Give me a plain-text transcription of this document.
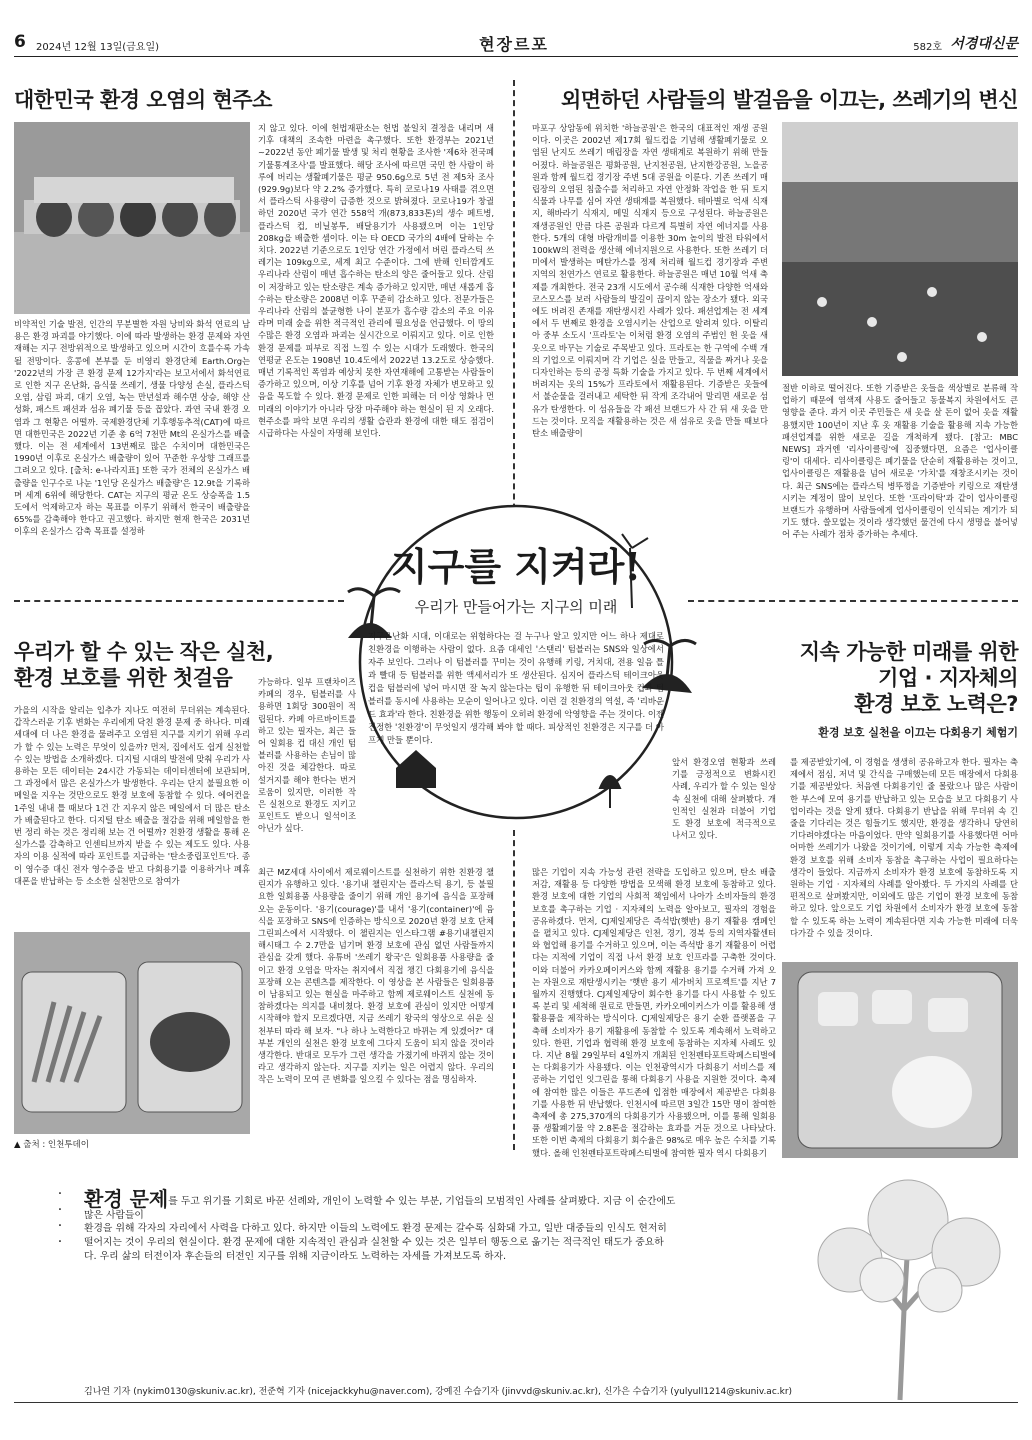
6 2024년 12월 13일(금요일)	현장르포	582호 서경대신문
대한민국 환경 오염의 현주소
비약적인 기술 발전, 인간의 무분별한 자원 낭비와 화석 연료의 남용은 환경 파괴를 야기했다. 이에 따라 발생하는 환경 문제와 자연재해는 지구 전방위적으로 발생하고 있으며 시간이 흐를수록 가속될 전망이다. 홍콩에 본부를 둔 비영리 환경단체 Earth.Org는 '2022년의 가장 큰 환경 문제 12가지'라는 보고서에서 화석연료로 인한 지구 온난화, 음식물 쓰레기, 생물 다양성 손실, 플라스틱 오염, 삼림 파괴, 대기 오염, 녹는 만년설과 해수면 상승, 해양 산성화, 패스트 패션과 섬유 폐기물 등을 꼽았다. 과연 국내 환경 오염과 그 현황은 어떨까. 국제환경단체 기후행동추적(CAT)에 따르면 대한민국은 2022년 기준 총 6억 7천만 Mt의 온실가스를 배출했다. 이는 전 세계에서 13번째로 많은 수치이며 대한민국은 1990년 이후로 온실가스 배출량이 있어 꾸준한 우상향 그래프를 그려오고 있다. [출처: e-나라지표] 또한 국가 전체의 온실가스 배출량을 인구수로 나눈 '1인당 온실가스 배출량'은 12.9t을 기록하며 세계 6위에 해당한다. CAT는 지구의 평균 온도 상승폭을 1.5도에서 억제하고자 하는 목표를 이루기 위해서 한국이 배출량을 65%를 감축해야 한다고 권고했다. 하지만 현재 한국은 2031년 이후의 온실가스 감축 목표를 설정하
지 않고 있다. 이에 헌법재판소는 헌법 불일치 결정을 내리며 새 기후 대책의 조속한 마련을 촉구했다. 또한 환경부는 2021년~2022년 동안 폐기물 발생 및 처리 현황을 조사한 '제6차 전국폐기물통계조사'를 발표했다. 해당 조사에 따르면 국민 한 사람이 하루에 버리는 생활폐기물은 평균 950.6g으로 5년 전 제5차 조사(929.9g)보다 약 2.2% 증가했다. 특히 코로나19 사태를 겪으면서 플라스틱 사용량이 급증한 것으로 밝혀졌다. 코로나19가 창궐하던 2020년 국가 연간 558억 개(873,833톤)의 생수 페트병, 플라스틱 컵, 비닐봉투, 배달용기가 사용됐으며 이는 1인당 208kg을 배출한 셈이다. 이는 타 OECD 국가의 4배에 달하는 수치다. 2022년 기준으로도 1인당 연간 가정에서 버린 플라스틱 쓰레기는 109kg으로, 세계 최고 수준이다. 그에 반해 인터깜게도 우리나라 산림이 매년 흡수하는 탄소의 양은 줄어들고 있다. 산림이 저장하고 있는 탄소량은 계속 증가하고 있지만, 매년 새롭게 흡수하는 탄소량은 2008년 이후 꾸준히 감소하고 있다. 전문가들은 우리나라 산림의 불균형한 나이 분포가 흡수량 감소의 주요 이유라며 미래 숲을 위한 적극적인 관리에 필요성을 언급했다. 이 땅의 수많은 환경 오염과 파괴는 실시간으로 이뤄지고 있다. 이로 인한 환경 문제를 피부로 직접 느낄 수 있는 시대가 도래했다. 한국의 연평균 온도는 1908년 10.4도에서 2022년 13.2도로 상승했다. 매년 기록적인 폭염과 예상치 못한 자연재해에 고통받는 사람들이 증가하고 있으며, 이상 기후를 넘어 기후 환경 자체가 변모하고 있음을 목도할 수 있다. 환경 문제로 인한 피해는 더 이상 영화나 먼 미래의 이야기가 아니라 당장 마주해야 하는 현실이 된 지 오래다. 현주소를 파악 보면 우리의 생활 습관과 환경에 대한 태도 점검이 시급하다는 사실이 자명해 보인다.
외면하던 사람들의 발걸음을 이끄는, 쓰레기의 변신
마포구 상암동에 위치한 '하늘공원'은 한국의 대표적인 재생 공원이다. 이곳은 2002년 제17회 월드컵을 기념해 생활폐기물로 오염된 난지도 쓰레기 매립장을 자연 생태계로 복원하기 위해 만들어졌다. 하늘공원은 평화공원, 난지천공원, 난지한강공원, 노을공원과 함께 월드컵 경기장 주변 5대 공원을 이룬다. 기존 쓰레기 매립장의 오염된 침출수를 처리하고 자연 안정화 작업을 한 뒤 토지 식물과 나무를 심어 자연 생태계를 복원했다. 테마별로 억새 식재지, 해바라기 식재지, 메밀 식재지 등으로 구성된다. 하늘공원은 재생공원인 만큼 다른 공원과 다르게 특별히 자연 에너지를 사용한다. 5개의 대형 바람개비를 이용한 30m 높이의 발전 타워에서 100kW의 전력을 생산해 에너지원으로 사용한다. 또한 쓰레기 더미에서 발생하는 메탄가스를 정제 처리해 월드컵 경기장과 주변 지역의 천연가스 연료로 활용한다. 하늘공원은 매년 10월 억새 축제를 개최한다. 전국 23개 시도에서 공수해 식재한 다양한 억새와 코스모스를 보러 사람들의 발길이 끊이지 않는 장소가 됐다. 외국에도 버려진 존재를 재탄생시킨 사례가 있다. 패션업계는 전 세계에서 두 번째로 환경을 오염시키는 산업으로 알려져 있다. 이탈리아 중부 소도시 '프라토'는 이처럼 환경 오염의 주범인 헌 옷을 새 옷으로 바꾸는 기술로 주목받고 있다. 프라토는 한 구역에 수백 개의 기업으로 이뤄지며 각 기업은 실을 만들고, 직물을 짜거나 옷을 디자인하는 등의 공정 특화 기술을 가지고 있다. 두 번째 세계에서 버려지는 옷의 15%가 프라토에서 재활용된다. 기증받은 옷들에서 불순물을 걸러내고 세탁한 뒤 작게 조각내어 말리면 새로운 섬유가 탄생한다. 이 섬유들을 각 패션 브랜드가 사 간 뒤 새 옷을 만드는 것이다. 모직을 재활용하는 것은 새 섬유로 옷을 만들 때보다 탄소 배출량이
절반 이하로 떨어진다. 또한 기증받은 옷들을 색상별로 분류해 작업하기 때문에 염색제 사용도 줄어들고 동물복지 차원에서도 큰 영향을 준다. 과거 이곳 주민들은 새 옷을 살 돈이 없어 옷을 재활용했지만 100년이 지난 후 옷 재활용 기술을 활용해 지속 가능한 패션업계를 위한 새로운 길을 개척하게 됐다. [참고: MBC NEWS] 과거엔 '리사이클링'에 집중했다면, 요즘은 '업사이클링'이 대세다. 리사이클링은 폐기물을 단순히 재활용하는 것이고, 업사이클링은 재활용을 넘어 새로운 '가치'를 재창조시키는 것이다. 최근 SNS에는 플라스틱 병뚜껑을 기증받아 키링으로 재탄생시키는 계정이 많이 보인다. 또한 '프라이탁'과 같이 업사이클링 브랜드가 유행하며 사람들에게 업사이클링이 인식되는 계기가 되기도 했다. 쓸모없는 것이라 생각했던 물건에 다시 생명을 불어넣어 주는 사례가 점차 증가하는 추세다.
지구를 지켜라!
우리가 만들어가는 지구의 미래
지구온난화 시대, 이대로는 위험하다는 걸 누구나 알고 있지만 어느 하나 제대로 친환경을 이행하는 사람이 없다. 요즘 대세인 '스탠리' 텀블러는 SNS와 일상에서 자주 보인다. 그러나 이 텀블러를 꾸미는 것이 유행해 키링, 거치대, 전용 일음 틀과 빨대 등 텀블러를 위한 액세서리가 또 생산된다. 심지어 플라스틱 테이크아웃 컵을 텀블러에 넣어 마시면 잘 녹지 않는다는 팁이 유행한 뒤 테이크아웃 컵과 텀블러를 동시에 사용하는 모순이 일어나고 있다. 이런 걸 친환경의 역설, 즉 '리바운드 효과'라 한다. 친환경을 위한 행동이 오히려 환경에 악영향을 주는 것이다. 이젠 진정한 '친환경'이 무엇일지 생각해 봐야 할 때다. 피상적인 친환경은 지구를 더 아프게 만들 뿐이다.
우리가 할 수 있는 작은 실천,
환경 보호를 위한 첫걸음
가을의 시작을 알리는 입추가 지나도 여전히 무더위는 계속된다. 갑작스러운 기후 변화는 우리에게 닥친 환경 문제 중 하나다. 미래 세대에 더 나은 환경을 물려주고 오염된 지구를 지키기 위해 우리가 할 수 있는 노력은 무엇이 있을까? 먼저, 집에서도 쉽게 실천할 수 있는 방법을 소개하겠다. 디지털 시대의 발전에 맞춰 우리가 사용하는 모든 데이터는 24시간 가동되는 데이터센터에 보관되며, 그 과정에서 많은 온실가스가 발생한다. 우리는 단지 불필요한 이메일을 지우는 것만으로도 환경 보호에 동참할 수 있다. 에어컨을 1주일 내내 틀 때보다 1건 간 지우지 않은 메일에서 더 많은 탄소가 배출된다고 한다. 디지털 탄소 배출을 절감을 위해 메일함을 한 번 정리 하는 것은 정리해 보는 건 어떨까? 친환경 생활을 통해 온실가스를 감축하고 인센티브까지 받을 수 있는 제도도 있다. 사용자의 이용 실적에 따라 포인트를 지급하는 '탄소중립포인트'다. 종이 영수증 대신 전자 영수증을 받고 다회용기를 이용하거나 폐휴대폰을 반납하는 등 소소한 실천만으로 참여가
가능하다. 일부 프랜차이즈 카페의 경우, 텀블러를 사용하면 1회당 300원이 적립된다. 카페 아르바이트를 하고 있는 필자는, 최근 들어 일회용 컵 대신 개인 텀블러를 사용하는 손님이 많아진 것을 체감한다. 따로 설거지를 해야 한다는 번거로움이 있지만, 이러한 작은 실천으로 환경도 지키고 포인트도 받으니 일석이조 아닌가 싶다.
최근 MZ세대 사이에서 제로웨이스트를 실천하기 위한 친환경 챌린지가 유행하고 있다. '용기내 챌린지'는 플라스틱 용기, 등 불필요한 일회용품 사용량을 줄이기 위해 개인 용기에 음식을 포장해 오는 운동이다. '용기(courage)'를 내서 '용기(container)'에 음식을 포장하고 SNS에 인증하는 방식으로 2020년 환경 보호 단체 그린피스에서 시작됐다. 이 챌린지는 인스타그램 #용기내챌린지 해시태그 수 2.7만을 넘기며 환경 보호에 관심 없던 사람들까지 관심을 갖게 했다. 유튜버 '쓰레기 왕국'은 일회용품 사용량을 줄이고 환경 오염을 막자는 취지에서 직접 챙긴 다회용기에 음식을 포장해 오는 콘텐츠를 제작한다. 이 영상을 본 사람들은 일회용품이 남용되고 있는 현실을 마주하고 함께 제로웨이스트 실천에 동참하겠다는 의지를 내비쳤다. 환경 보호에 관심이 있지만 어떻게 시작해야 할지 모르겠다면, 지금 쓰레기 왕국의 영상으로 쉬운 실천부터 따라 해 보자. "나 하나 노력한다고 바뀌는 게 있겠어?" 대부분 개인의 실천은 환경 보호에 그다지 도움이 되지 않을 것이라 생각한다. 반대로 모두가 그런 생각을 가졌기에 바뀌지 않는 것이라고 생각하지 않는다. 지구를 지키는 일은 어렵지 않다. 우리의 작은 노력이 모여 큰 변화를 일으킬 수 있다는 점을 명심하자.
▲ 출처 : 인천투데이
지속 가능한 미래를 위한
기업 · 지자체의
환경 보호 노력은?
환경 보호 실천을 이끄는 다회용기 체험기
앞서 환경오염 현황과 쓰레기를 긍정적으로 변화시킨 사례, 우리가 할 수 있는 일상 속 실천에 대해 살펴봤다. 개인적인 실천과 더불어 기업도 환경 보호에 적극적으로 나서고 있다.
많은 기업이 지속 가능성 관련 전략을 도입하고 있으며, 탄소 배출 저감, 재활용 등 다양한 방법을 모색해 환경 보호에 동참하고 있다. 환경 보호에 대한 기업의 사회적 책임에서 나아가 소비자들의 환경 보호를 촉구하는 기업 · 지자체의 노력을 알아보고, 필자의 경험을 공유하겠다. 먼저, CJ제일제당은 즉석밥(햇반) 용기 재활용 캠페인을 펼치고 있다. CJ제일제당은 인천, 경기, 경북 등의 지역자활센터와 협업해 용기를 수거하고 있으며, 이는 즉석밥 용기 재활용이 어렵다는 지적에 기업이 직접 나서 환경 보호 인프라를 구축한 것이다. 이와 더불어 카카오페이커스와 함께 재활용 용기를 수거해 가져 오는 자원으로 재탄생시키는 '햇반 용기 세가버치 프로젝트'를 지난 7월까지 진행했다. CJ제일제당이 회수한 용기를 다시 사용할 수 있도록 분리 및 세척해 원료로 만들면, 카카오메이커스가 이를 활용해 생활용품을 제작하는 방식이다. CJ제일제당은 용기 순환 플랫폼을 구축해 소비자가 용기 재활용에 동참할 수 있도록 계속해서 노력하고 있다. 한편, 기업과 협력해 환경 보호에 동참하는 지자체 사례도 있다. 지난 8월 29일부터 4일까지 개최된 인천펜타포트락페스티벌에는 다회용기가 사용됐다. 이는 인천광역시가 다회용기 서비스를 제공하는 기업인 잇그린을 통해 다회용기 사용을 지원한 것이다. 축제에 참여한 많은 이들은 푸드존에 입점한 매장에서 제공받은 다회용기를 사용한 뒤 반납했다. 인천시에 따르면 3일간 15만 명이 참여한 축제에 총 275,370개의 다회용기가 사용됐으며, 이를 통해 일회용품 생활폐기물 약 2.8톤을 절감하는 효과를 거둔 것으로 나타났다. 또한 이번 축제의 다회용기 회수율은 98%로 매우 높은 수치를 기록했다. 올해 인천펜타포트락페스티벌에 참여한 필자 역시 다회용기
를 제공받았기에, 이 경험을 생생히 공유하고자 한다. 필자는 축제에서 점심, 저녁 및 간식을 구매했는데 모든 매장에서 다회용기를 제공받았다. 처음엔 다회용기인 줄 몰랐으나 많은 사람이 한 부스에 모여 용기를 반납하고 있는 모습을 보고 다회용기 사업이라는 것을 알게 됐다. 다회용기 반납을 위해 무더위 속 긴 줄을 기다리는 것은 힘들기도 했지만, 환경을 생각하니 당연히 기다려야겠다는 마음이었다. 만약 일회용기를 사용했다면 어마어마한 쓰레기가 나왔을 것이기에, 이렇게 지속 가능한 축제에 환경 보호를 위해 소비자 동참을 촉구하는 사업이 필요하다는 생각이 들었다. 지금까지 소비자가 환경 보호에 동참하도록 지원하는 기업 · 지자체의 사례를 알아봤다. 두 가지의 사례를 단편적으로 살펴봤지만, 이외에도 많은 기업이 환경 보호에 동참하고 있다. 앞으로도 기업 차원에서 소비자가 환경 보호에 동참할 수 있도록 하는 노력이 계속된다면 지속 가능한 미래에 더욱 다가갈 수 있을 것이다.
· · · ·
환경 문제를 두고 위기를 기회로 바꾼 선례와, 개인이 노력할 수 있는 부분, 기업들의 모범적인 사례를 살펴봤다. 지금 이 순간에도 많은 사람들이
환경을 위해 각자의 자리에서 사력을 다하고 있다. 하지만 이들의 노력에도 환경 문제는 갈수록 심화돼 가고, 일반 대중들의 인식도 현저히 떨어지는 것이 우리의 현실이다. 환경 문제에 대한 지속적인 관심과 실천할 수 있는 것은 일부터 행동으로 옮기는 적극적인 태도가 중요하다. 우리 삶의 터전이자 후손들의 터전인 지구를 위해 지금이라도 노력하는 자세를 가져보도록 하자.
김나연 기자 (nykim0130@skuniv.ac.kr), 전준혁 기자 (nicejackkyhu@naver.com), 강예진 수습기자 (jinvvd@skuniv.ac.kr), 신가은 수습기자 (yulyull1214@skuniv.ac.kr)
